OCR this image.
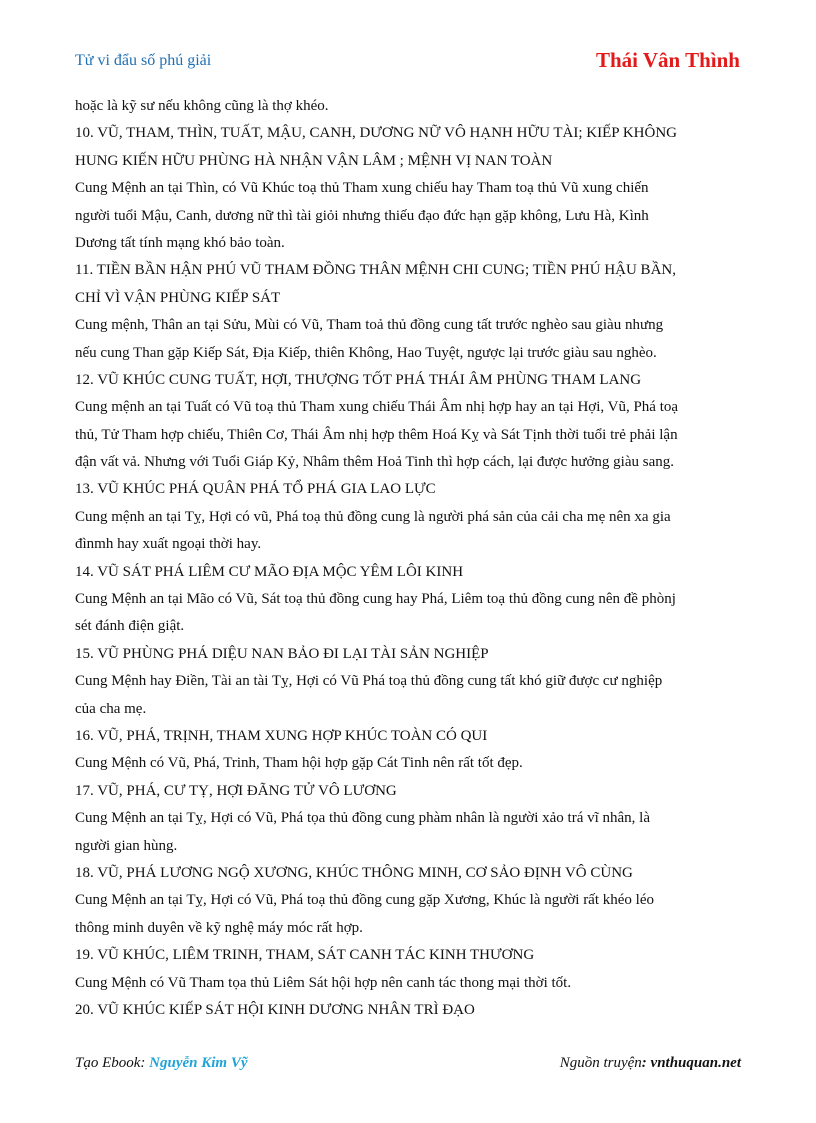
Tử vi đẩu số phú giải	Thái Vân Thình
hoặc là kỹ sư nếu không cũng là thợ khéo.
10. VŨ, THAM, THÌN, TUẤT, MẬU, CANH, DƯƠNG NỮ VÔ HẠNH HỮU TÀI; KIẾP KHÔNG
HUNG KIẾN HỮU PHÙNG HÀ NHẬN VẬN LÂM ; MỆNH VỊ NAN TOÀN
Cung Mệnh an tại Thìn, có Vũ Khúc toạ thủ Tham xung chiếu hay Tham toạ thủ Vũ xung chiến
người tuổi Mậu, Canh, dương nữ thì tài giỏi nhưng thiếu đạo đức hạn gặp không, Lưu Hà, Kình
Dương tất tính mạng khó bảo toàn.
11. TIỀN BẦN HẬN PHÚ VŨ THAM ĐỒNG THÂN MỆNH CHI CUNG; TIỀN PHÚ HẬU BẦN,
CHỈ VÌ VẬN PHÙNG KIẾP SÁT
Cung mệnh, Thân an tại Sửu, Mùi có Vũ, Tham toả thủ đồng cung tất trước nghèo sau giàu nhưng
nếu cung Than gặp Kiếp Sát, Địa Kiếp, thiên Không, Hao Tuyệt, ngược lại trước giàu sau nghèo.
12. VŨ KHÚC CUNG TUẤT, HỢI, THƯỢNG TỐT PHÁ THÁI ÂM PHÙNG THAM LANG
Cung mệnh an tại Tuất có Vũ toạ thủ Tham xung chiếu Thái Âm nhị hợp hay an tại Hợi, Vũ, Phá toạ
thủ, Tử Tham hợp chiếu, Thiên Cơ, Thái Âm nhị hợp thêm Hoá Kỵ và Sát Tịnh thời tuổi trẻ phải lận
đận vất vả. Nhưng với Tuổi Giáp Kỷ, Nhâm thêm Hoả Tinh thì hợp cách, lại được hưởng giàu sang.
13. VŨ KHÚC PHÁ QUÂN PHÁ TỔ PHÁ GIA LAO LỰC
Cung mệnh an tại Tỵ, Hợi có vũ, Phá toạ thủ đồng cung là người phá sản của cải cha mẹ nên xa gia
đìnmh hay xuất ngoại thời hay.
14. VŨ SÁT PHÁ LIÊM CƯ MÃO ĐỊA MỘC YÊM LÔI KINH
Cung Mệnh an tại Mão có Vũ, Sát toạ thủ đồng cung hay Phá, Liêm toạ thủ đồng cung nên đề phònj
sét đánh điện giật.
15. VŨ PHÙNG PHÁ DIỆU NAN BẢO ĐI LẠI TÀI SẢN NGHIỆP
Cung Mệnh hay Điền, Tài an tài Tỵ, Hợi có Vũ Phá toạ thủ đồng cung tất khó giữ được cư nghiệp
của cha mẹ.
16. VŨ, PHÁ, TRỊNH, THAM XUNG HỢP KHÚC TOÀN CÓ QUI
Cung Mệnh có Vũ, Phá, Trinh, Tham hội hợp gặp Cát Tinh nên rất tốt đẹp.
17. VŨ, PHÁ, CƯ TỴ, HỢI ĐÃNG TỬ VÔ LƯƠNG
Cung Mệnh an tại Tỵ, Hợi có Vũ, Phá tọa thủ đồng cung phàm nhân là người xảo trá vĩ nhân, là
người gian hùng.
18. VŨ, PHÁ LƯƠNG NGỘ XƯƠNG, KHÚC THÔNG MINH, CƠ SẢO ĐỊNH VÔ CÙNG
Cung Mệnh an tại Tỵ, Hợi có Vũ, Phá toạ thủ đồng cung gặp Xương, Khúc là người rất khéo léo
thông minh duyên về kỹ nghệ máy móc rất hợp.
19. VŨ KHÚC, LIÊM TRINH, THAM, SÁT CANH TÁC KINH THƯƠNG
Cung Mệnh có Vũ Tham tọa thủ Liêm Sát hội hợp nên canh tác thong mại thời tốt.
20. VŨ KHÚC KIẾP SÁT HỘI KINH DƯƠNG NHÂN TRÌ ĐẠO
Tạo Ebook: Nguyễn Kim Vỹ	Nguồn truyện: vnthuquan.net
